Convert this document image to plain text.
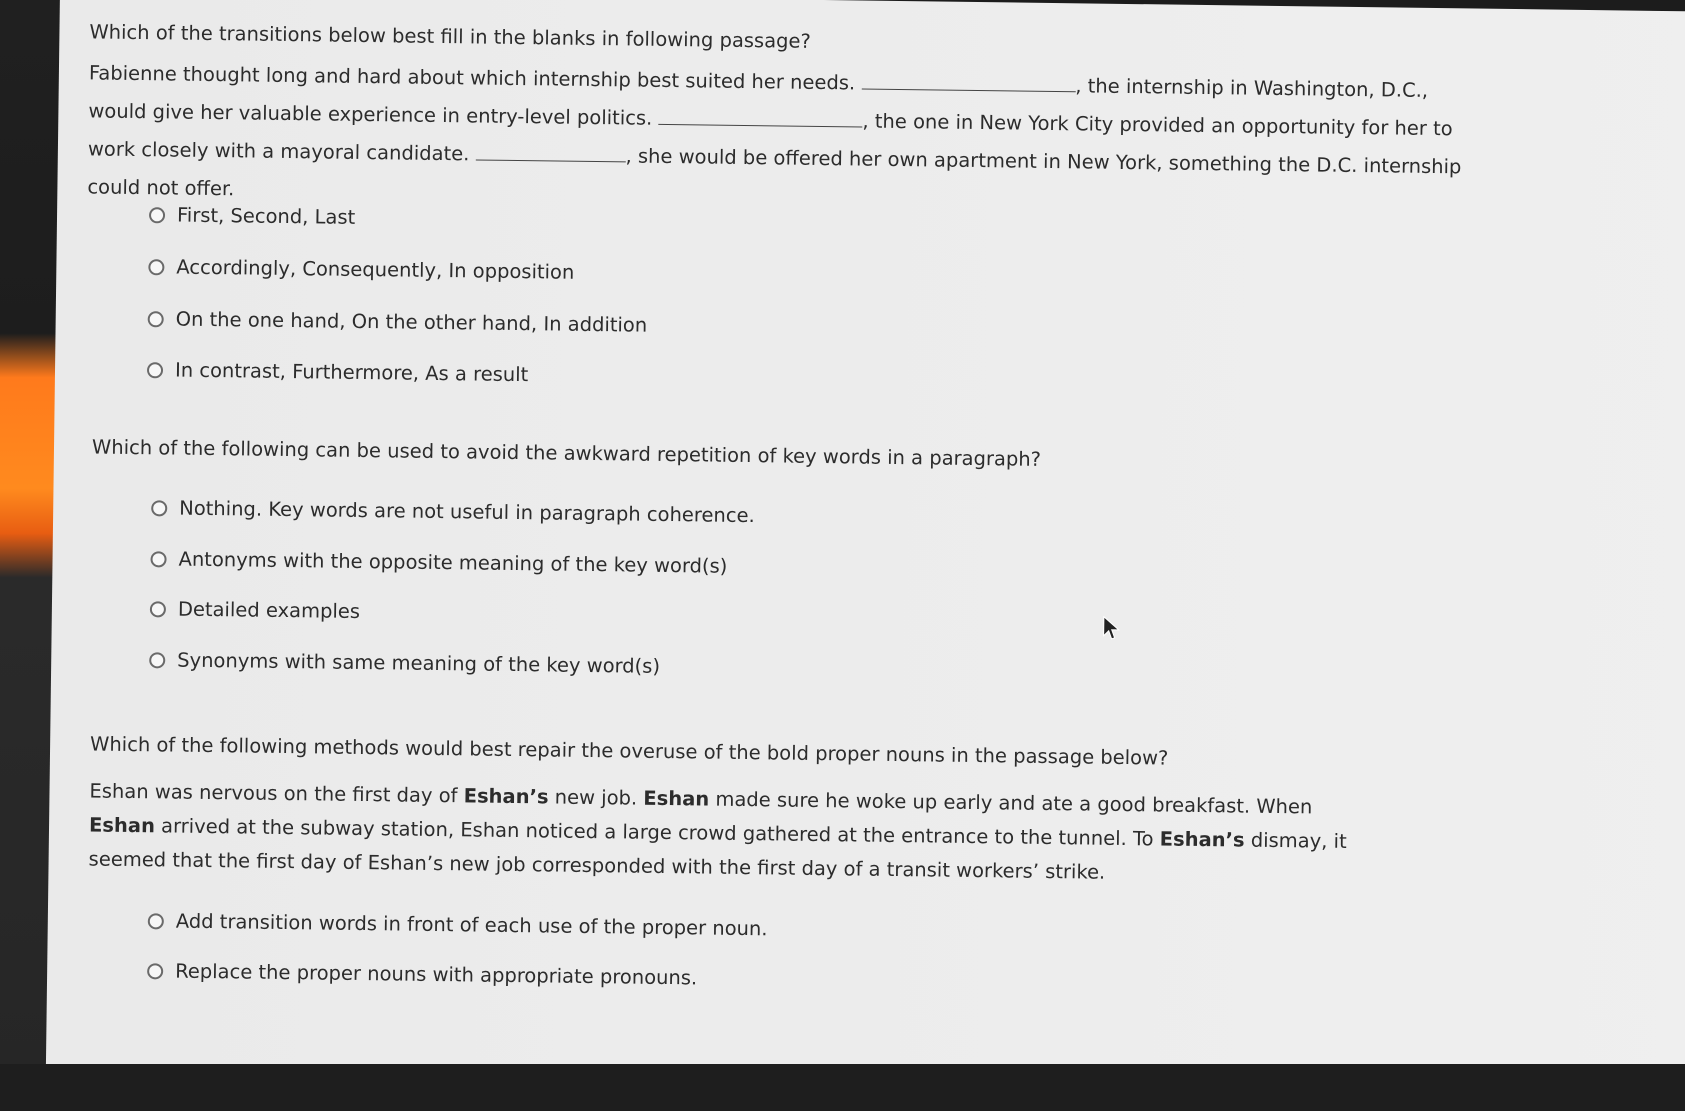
Which of the transitions below best fill in the blanks in following passage?

Fabienne thought long and hard about which internship best suited her needs.	, the internship in Washington, D.C., would give her valuable experience in entry-level politics.	, the one in New York City provided an opportunity for her to work closely with a mayoral candidate.	, she would be offered her own apartment in New York, something the D.C. internship could not offer.

First, Second, Last
Accordingly, Consequently, In opposition
On the one hand, On the other hand, In addition
In contrast, Furthermore, As a result
Which of the following can be used to avoid the awkward repetition of key words in a paragraph?
Nothing. Key words are not useful in paragraph coherence.
Antonyms with the opposite meaning of the key word(s)
Detailed examples
Synonyms with same meaning of the key word(s)
Which of the following methods would best repair the overuse of the bold proper nouns in the passage below?

Eshan was nervous on the first day of Eshan’s new job. Eshan made sure he woke up early and ate a good breakfast. When Eshan arrived at the subway station, Eshan noticed a large crowd gathered at the entrance to the tunnel. To Eshan’s dismay, it seemed that the first day of Eshan’s new job corresponded with the first day of a transit workers’ strike.

Add transition words in front of each use of the proper noun.
Replace the proper nouns with appropriate pronouns.
